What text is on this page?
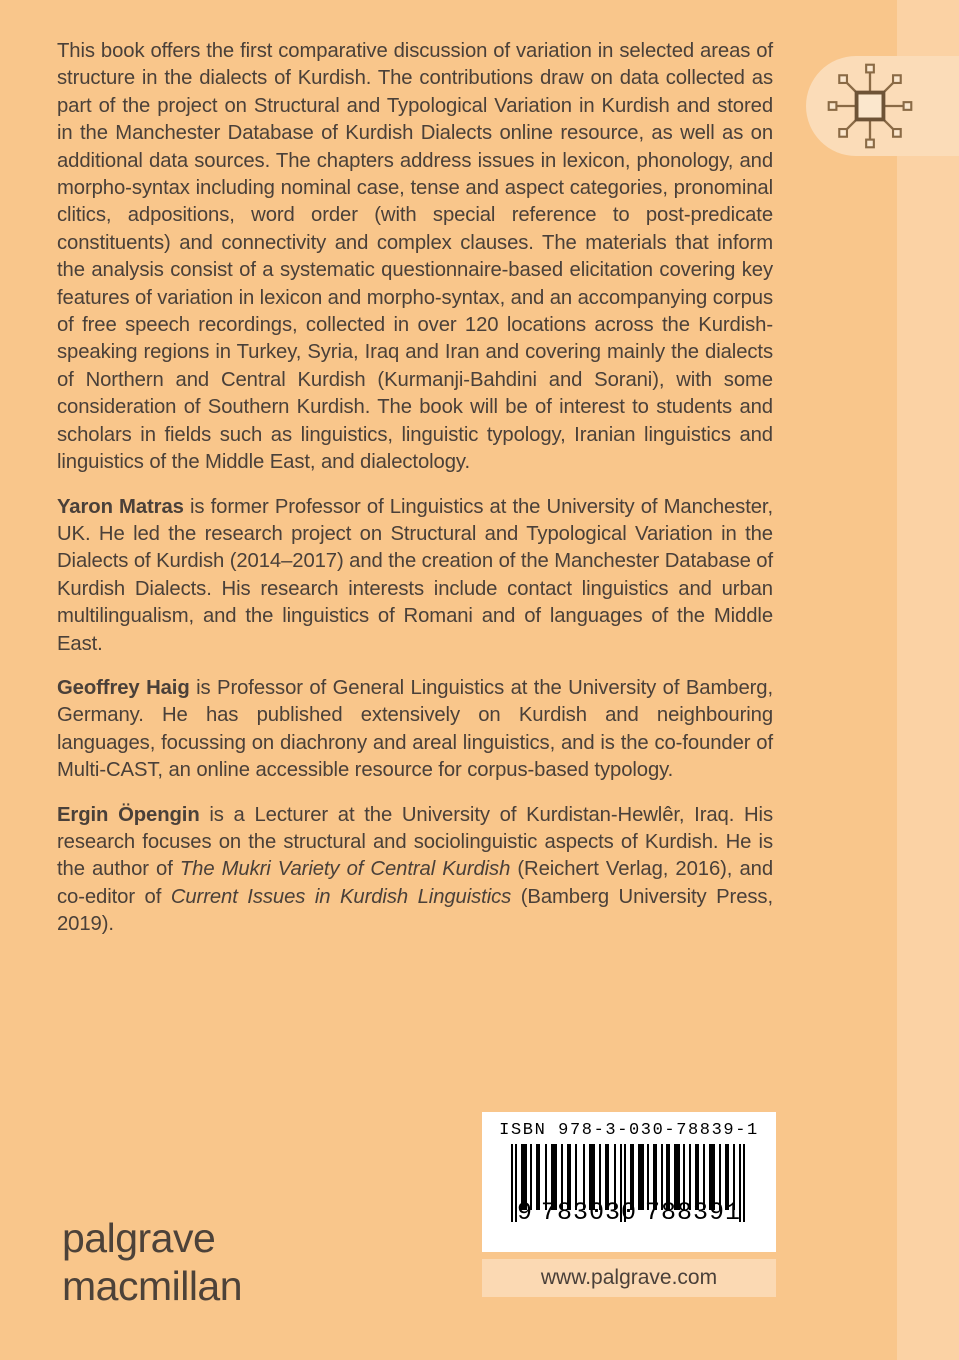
This book offers the first comparative discussion of variation in selected areas of structure in the dialects of Kurdish. The contributions draw on data collected as part of the project on Structural and Typological Variation in Kurdish and stored in the Manchester Database of Kurdish Dialects online resource, as well as on additional data sources. The chapters address issues in lexicon, phonology, and morpho-syntax including nominal case, tense and aspect categories, pronominal clitics, adpositions, word order (with special reference to post-predicate constituents) and connectivity and complex clauses. The materials that inform the analysis consist of a systematic questionnaire-based elicitation covering key features of variation in lexicon and morpho-syntax, and an accompanying corpus of free speech recordings, collected in over 120 locations across the Kurdish-speaking regions in Turkey, Syria, Iraq and Iran and covering mainly the dialects of Northern and Central Kurdish (Kurmanji-Bahdini and Sorani), with some consideration of Southern Kurdish. The book will be of interest to students and scholars in fields such as linguistics, linguistic typology, Iranian linguistics and linguistics of the Middle East, and dialectology.

Yaron Matras is former Professor of Linguistics at the University of Manchester, UK. He led the research project on Structural and Typological Variation in the Dialects of Kurdish (2014–2017) and the creation of the Manchester Database of Kurdish Dialects. His research interests include contact linguistics and urban multilingualism, and the linguistics of Romani and of languages of the Middle East.

Geoffrey Haig is Professor of General Linguistics at the University of Bamberg, Germany. He has published extensively on Kurdish and neighbouring languages, focussing on diachrony and areal linguistics, and is the co-founder of Multi-CAST, an online accessible resource for corpus-based typology.

Ergin Öpengin is a Lecturer at the University of Kurdistan-Hewlêr, Iraq. His research focuses on the structural and sociolinguistic aspects of Kurdish. He is the author of The Mukri Variety of Central Kurdish (Reichert Verlag, 2016), and co-editor of Current Issues in Kurdish Linguistics (Bamberg University Press, 2019).

palgrave
macmillan
ISBN 978-3-030-78839-1
9 783030 788391
www.palgrave.com
